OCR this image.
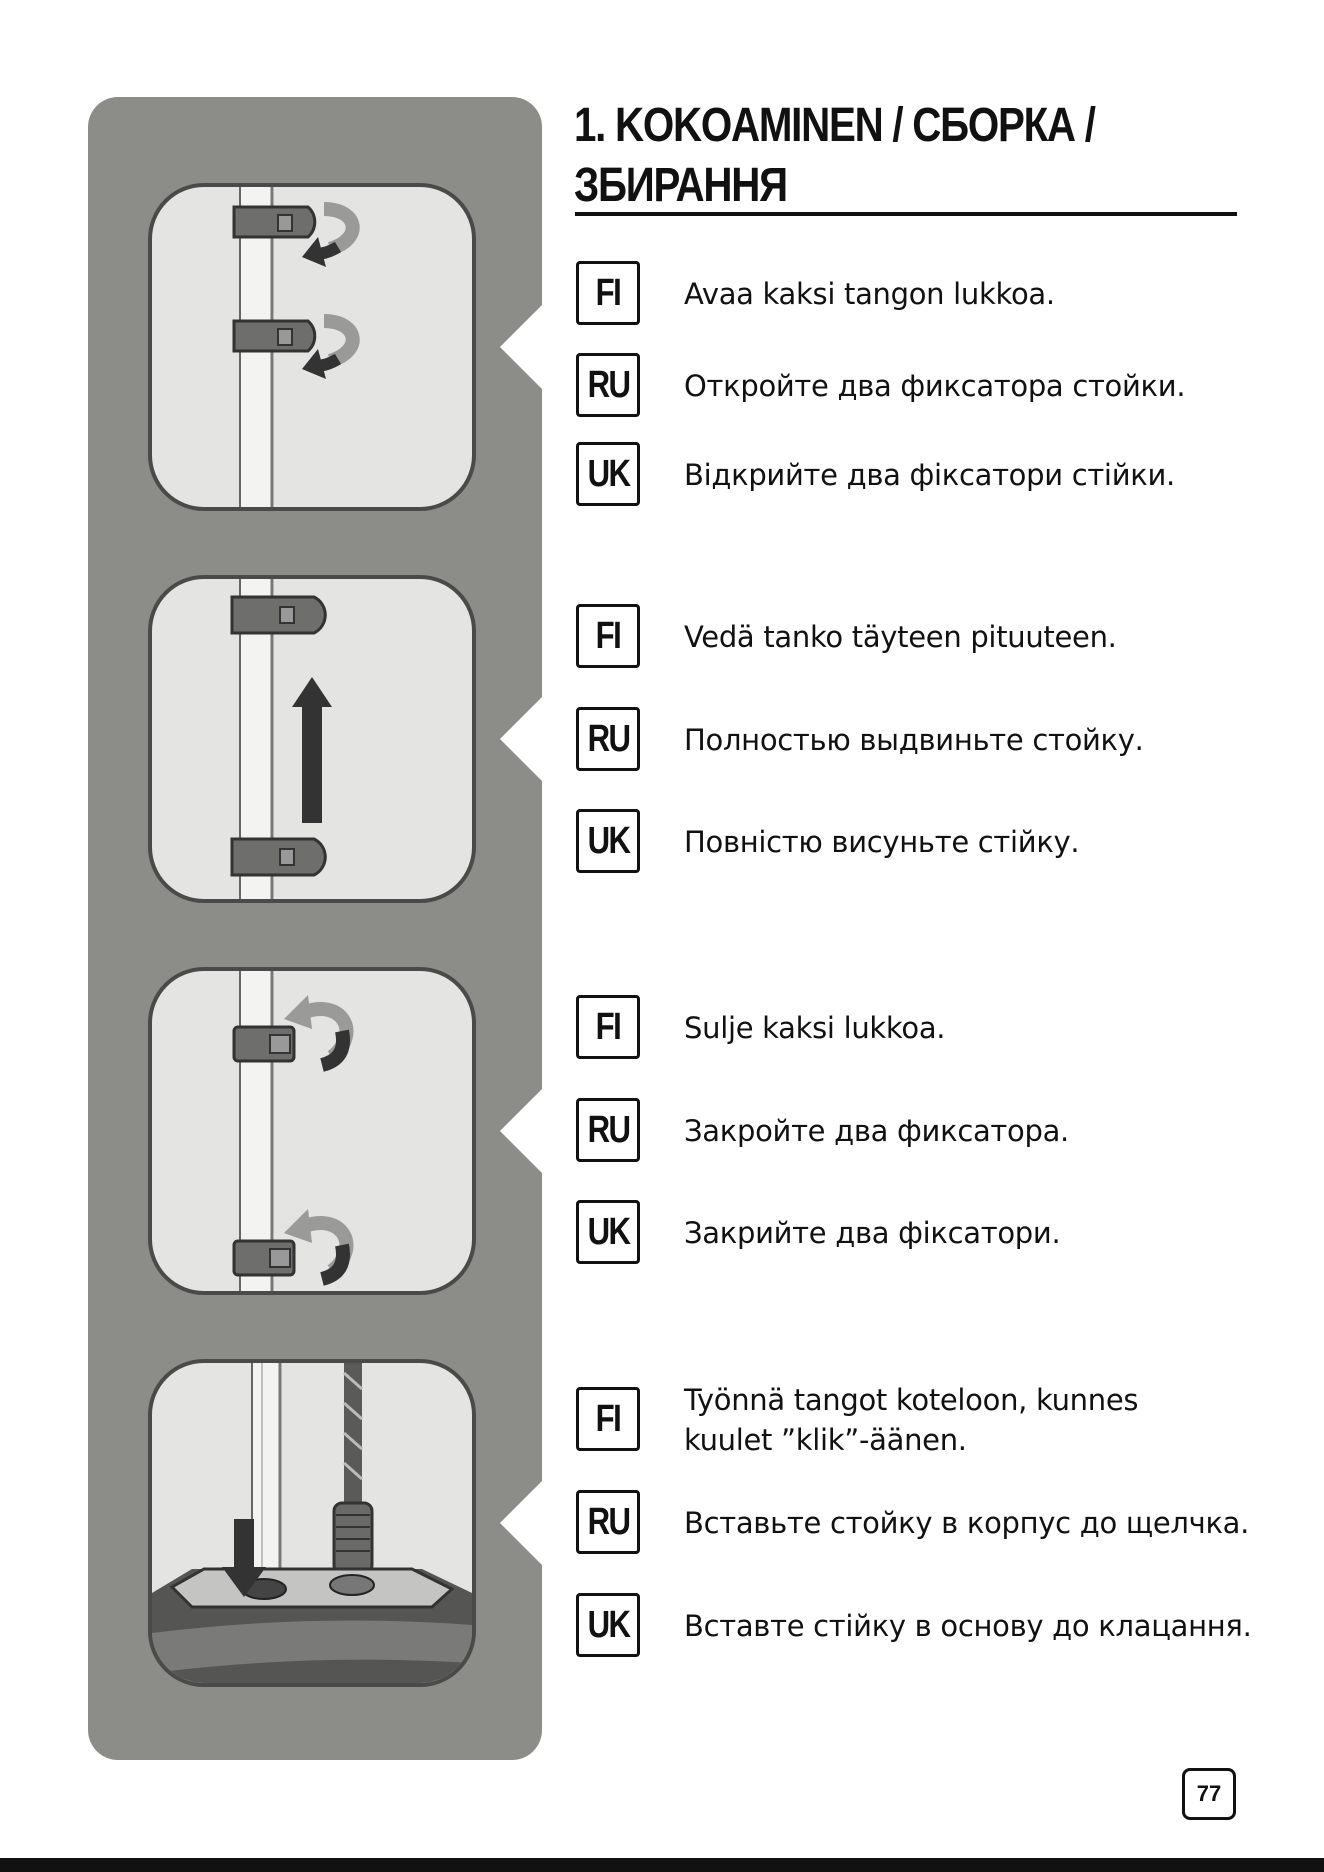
1. KOKOAMINEN / СБОРКА /
ЗБИРАННЯ
FI Avaa kaksi tangon lukkoa.
RU Откройте два фиксатора стойки.
UK Відкрийте два фіксатори стійки.
FI Vedä tanko täyteen pituuteen.
RU Полностью выдвиньте стойку.
UK Повністю висуньте стійку.
FI Sulje kaksi lukkoa.
RU Закройте два фиксатора.
UK Закрийте два фіксатори.
FI Työnnä tangot koteloon, kunnes
kuulet ”klik”-äänen.
RU Вставьте стойку в корпус до щелчка.
UK Вставте стійку в основу до клацання.
77
